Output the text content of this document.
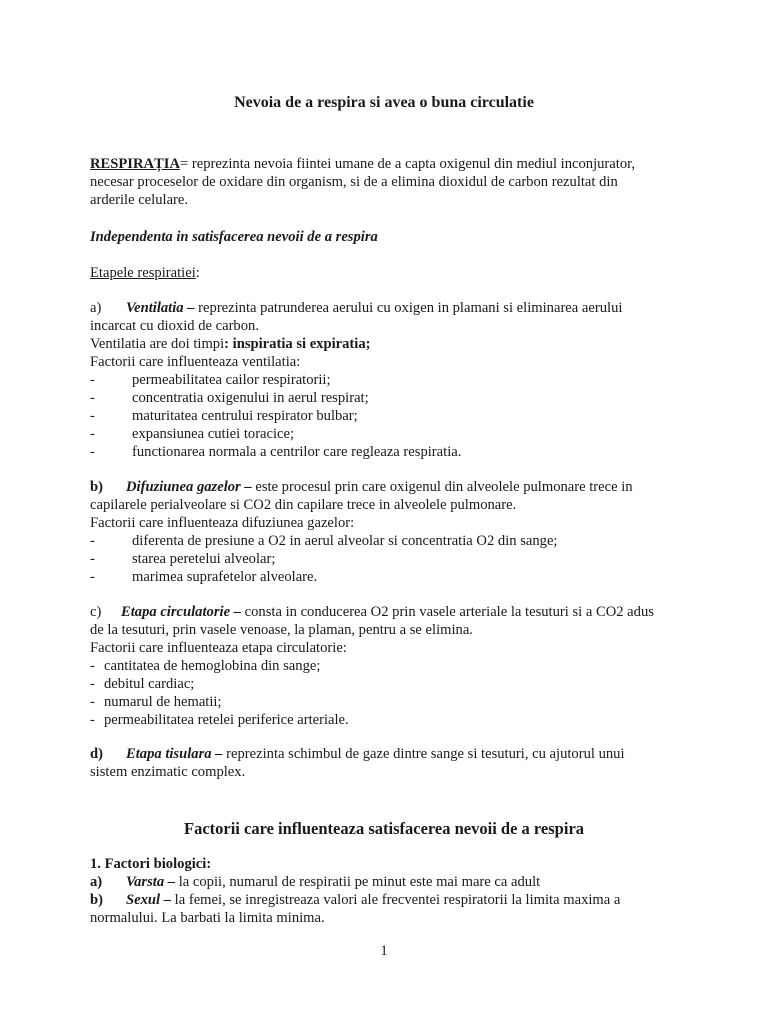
Nevoia de a respira si avea o buna circulatie

RESPIRAȚIA= reprezinta nevoia fiintei umane de a capta oxigenul din mediul inconjurator,

necesar proceselor de oxidare din organism, si de a elimina dioxidul de carbon rezultat din

arderile celulare.

Independenta in satisfacerea nevoii de a respira

Etapele respiratiei:

a) Ventilatia – reprezinta patrunderea aerului cu oxigen in plamani si eliminarea aerului

incarcat cu dioxid de carbon.

Ventilatia are doi timpi: inspiratia si expiratia;

Factorii care influenteaza ventilatia:

-	permeabilitatea cailor respiratorii;

-	concentratia oxigenului in aerul respirat;

-	maturitatea centrului respirator bulbar;

-	expansiunea cutiei toracice;

-	functionarea normala a centrilor care regleaza respiratia.

b) Difuziunea gazelor – este procesul prin care oxigenul din alveolele pulmonare trece in

capilarele perialveolare si CO2 din capilare trece in alveolele pulmonare.

Factorii care influenteaza difuziunea gazelor:

-	diferenta de presiune a O2 in aerul alveolar si concentratia O2 din sange;

-	starea peretelui alveolar;

-	marimea suprafetelor alveolare.

c) Etapa circulatorie – consta in conducerea O2 prin vasele arteriale la tesuturi si a CO2 adus

de la tesuturi, prin vasele venoase, la plaman, pentru a se elimina.

Factorii care influenteaza etapa circulatorie:

- cantitatea de hemoglobina din sange;

- debitul cardiac;

- numarul de hematii;

- permeabilitatea retelei periferice arteriale.

d) Etapa tisulara – reprezinta schimbul de gaze dintre sange si tesuturi, cu ajutorul unui

sistem enzimatic complex.

Factorii care influenteaza satisfacerea nevoii de a respira

1. Factori biologici:

a) Varsta – la copii, numarul de respiratii pe minut este mai mare ca adult

b) Sexul – la femei, se inregistreaza valori ale frecventei respiratorii la limita maxima a

normalului. La barbati la limita minima.

1
